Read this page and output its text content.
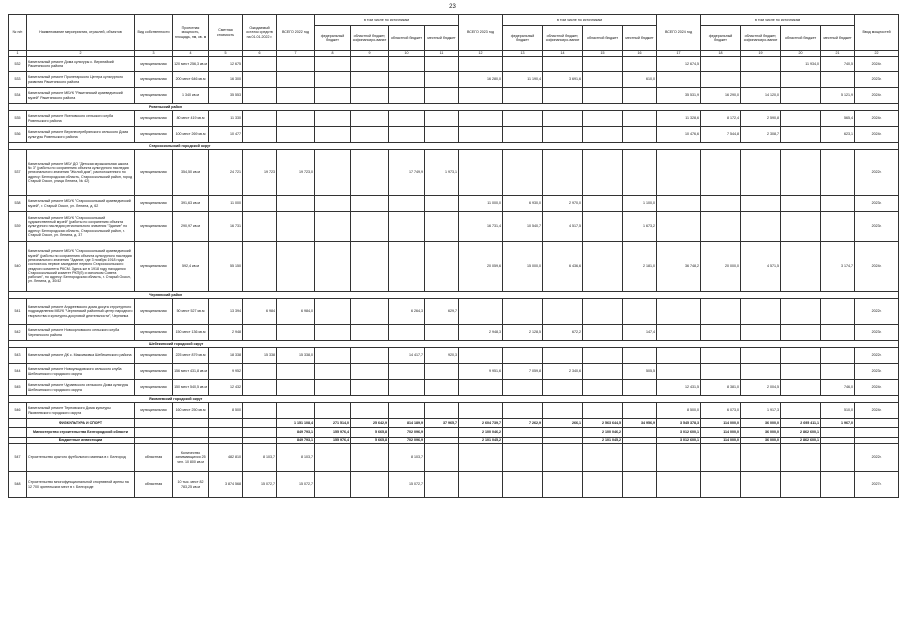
23
№ п/п	Наименование мероприятия, отраслей, объектов	Вид собственности	Проектная мощность, площадь, пм, кв. м	Сметная стоимость	Ожидаемый остаток средств на 01.01.2022 г.	ВСЕГО 2022 год	в том числе по источникам				ВСЕГО 2023 год	в том числе по источникам				ВСЕГО 2024 год	в том числе по источникам				Ввод мощностей
							федеральный бюджет	областной бюджет, софинансиро-вание	областной бюджет	местный бюджет		федеральный бюджет	областной бюджет, софинансиро-вание	областной бюджет	местный бюджет		федеральный бюджет	областной бюджет, софинансиро-вание	областной бюджет	местный бюджет	
1	2	3	4	5	6	7	8	9	10	11	12	13	14	15	16	17	18	19	20	21	22
532	Капитальный ремонт Дома культуры с. Верхнийкий Ракитянского района	муниципальная	120 мест 256,3 кв.м	12 675												12 674,5			11 934,0	740,5	2024г.
533	Капитальный ремонт Пролетарского Центра культурного развития Ракитянского района	муниципальная	200 мест 646 кв.м	16 300							16 280,0	11 190,4	3 691,6		610,0						2023г.
534	Капитальный ремонт МБУК "Ракитянский краеведческий музей" Ракитянского района	муниципальная	1 340 кв.м	35 553												35 531,9	16 290,0	14 120,0		5 121,9	2024г.
Ровеньский район																					
535	Капитальный ремонт Ясеновского сельского клуба Ровеньского района	муниципальная	80 мест 419 кв.м	11 330												11 328,6	8 172,4	2 590,8		565,4	2024г.
536	Капитальный ремонт Верхнесеребрянского сельского Дома культуры Ровеньского района	муниципальная	100 мест 269 кв.м	10 477												10 476,6	7 544,8	2 308,7		623,1	2024г.
Старооскольский городской округ																					
537	Капитальный ремонт МБУ ДО "Детская музыкальная школа № 3" (работы по сохранению объекта культурного наследия регионального значения "Жилой дом", расположенного по адресу: Белгородская область, Старооскольский район, город Старый Оскол, улица Ленина, № 42)	муниципальная	354,50 кв.м	24 721	19 723	19 723,0			17 749,9	1 973,1											2022г.
538	Капитальный ремонт МБУК "Старооскольский краеведческий музей", г. Старый Оскол, ул. Ленина, д. 62	муниципальная	391,63 кв.м	11 000							11 000,0	6 930,0	2 970,0		1 100,0						2023г.
539	Капитальный ремонт МБУК "Старооскольский художественный музей" (работы по сохранению объекта культурного наследия регионального значения "Здание" по адресу: Белгородская область, Старооскольский район, г. Старый Оскол, ул. Ленина, д. 37	муниципальная	290,97 кв.м	16 731							16 731,4	10 540,7	4 517,5		1 673,2						2023г.
540	Капитальный ремонт МБУК "Старооскольский краеведческий музей" (работы по сохранению объекта культурного наследия регионального значения "Здание, где 3 ноября 1918 года состоялось первое заседание первого Старооскольского уездного комитета РКСМ. Здесь же в 1918 году находился Старооскольский комитет РКП(б) и исполком Совета рабочих", по адресу: Белгородская область, г. Старый Оскол, ул. Ленина, д. 30/42	муниципальная	592,4 кв.м	55 150							20 059,6	15 000,0	6 436,6		2 181,0	36 748,2	20 000,0	4 571,5		3 174,7	2024г.
Чернянский район																					
541	Капитальный ремонт Андреевского дома досуга структурного подразделения МБУК "Чернянский районный центр народного творчества и культурно-досуговой деятельности", Чернянка	муниципальная	50 мест 527 кв.м	13 394	6 984	6 984,0			6 264,3	629,7											2022г.
542	Капитальный ремонт Новоорловского сельского клуба Чернянского района	муниципальная	150 мест 136 кв.м	2 948							2 948,3	2 128,5	672,2		147,4						2023г.
Шебекинский городской округ																					
543	Капитальный ремонт ДК с. Максимовка Шебекинского района	муниципальная	225 мест 879 кв.м	18 338	15 338	15 338,0			14 417,7	920,3											2022г.
544	Капитальный ремонт Новоулыдовского сельского клуба Шебекинского городского округа	муниципальная	156 мест 431,8 кв.м	9 952							9 951,6	7 059,8	2 340,6		505,5						2023г.
545	Капитальный ремонт Чураевского сельского Дома культуры Шебекинского городского округа	муниципальная	150 мест 540,5 кв.м	12 432												12 431,5	8 381,0	2 004,5		746,0	2024г.
Яковлевский городской округ																					
546	Капитальный ремонт Терновского Дома культуры Яковлевского городского округа	муниципальная	160 мест 250 кв.м	8 500												8 500,0	6 073,0	1 917,3		510,0	2024г.
	ФИЗКУЛЬТУРА И СПОРТ					1 151 108,4	271 514,0	25 642,9	814 189,9	37 965,7	2 604 739,7	7 262,9	266,1	2 563 644,5	34 956,9	3 545 378,3	114 000,0	36 000,0	2 695 411,1	1 967,0	
	Министерство строительства Белгородской области					849 793,1	155 976,4	5 665,8	702 096,9		2 100 046,2			2 100 046,2		3 012 600,1	114 000,0	36 000,0	2 862 600,1		
	Бюджетные инвестиции					849 793,1	155 976,4	5 665,8	702 096,9		2 101 045,2			2 101 045,2		3 012 600,1	114 000,0	36 000,0	2 862 600,1		
547	Строительство крытого футбольного манежа в г. Белгород	областная	Количество занимающихся 25 чел. 10 800 кв.м	482 810	8 103,7	8 103,7			8 103,7												2022г.
548	Строительство многофункциональной спортивной арены на 12 700 зрительских мест в г. Белгороде	областная	10 тыс. мест 82 783,25 кв.м	3 874 568	15 072,7	15 072,7			15 072,7												2027г.
